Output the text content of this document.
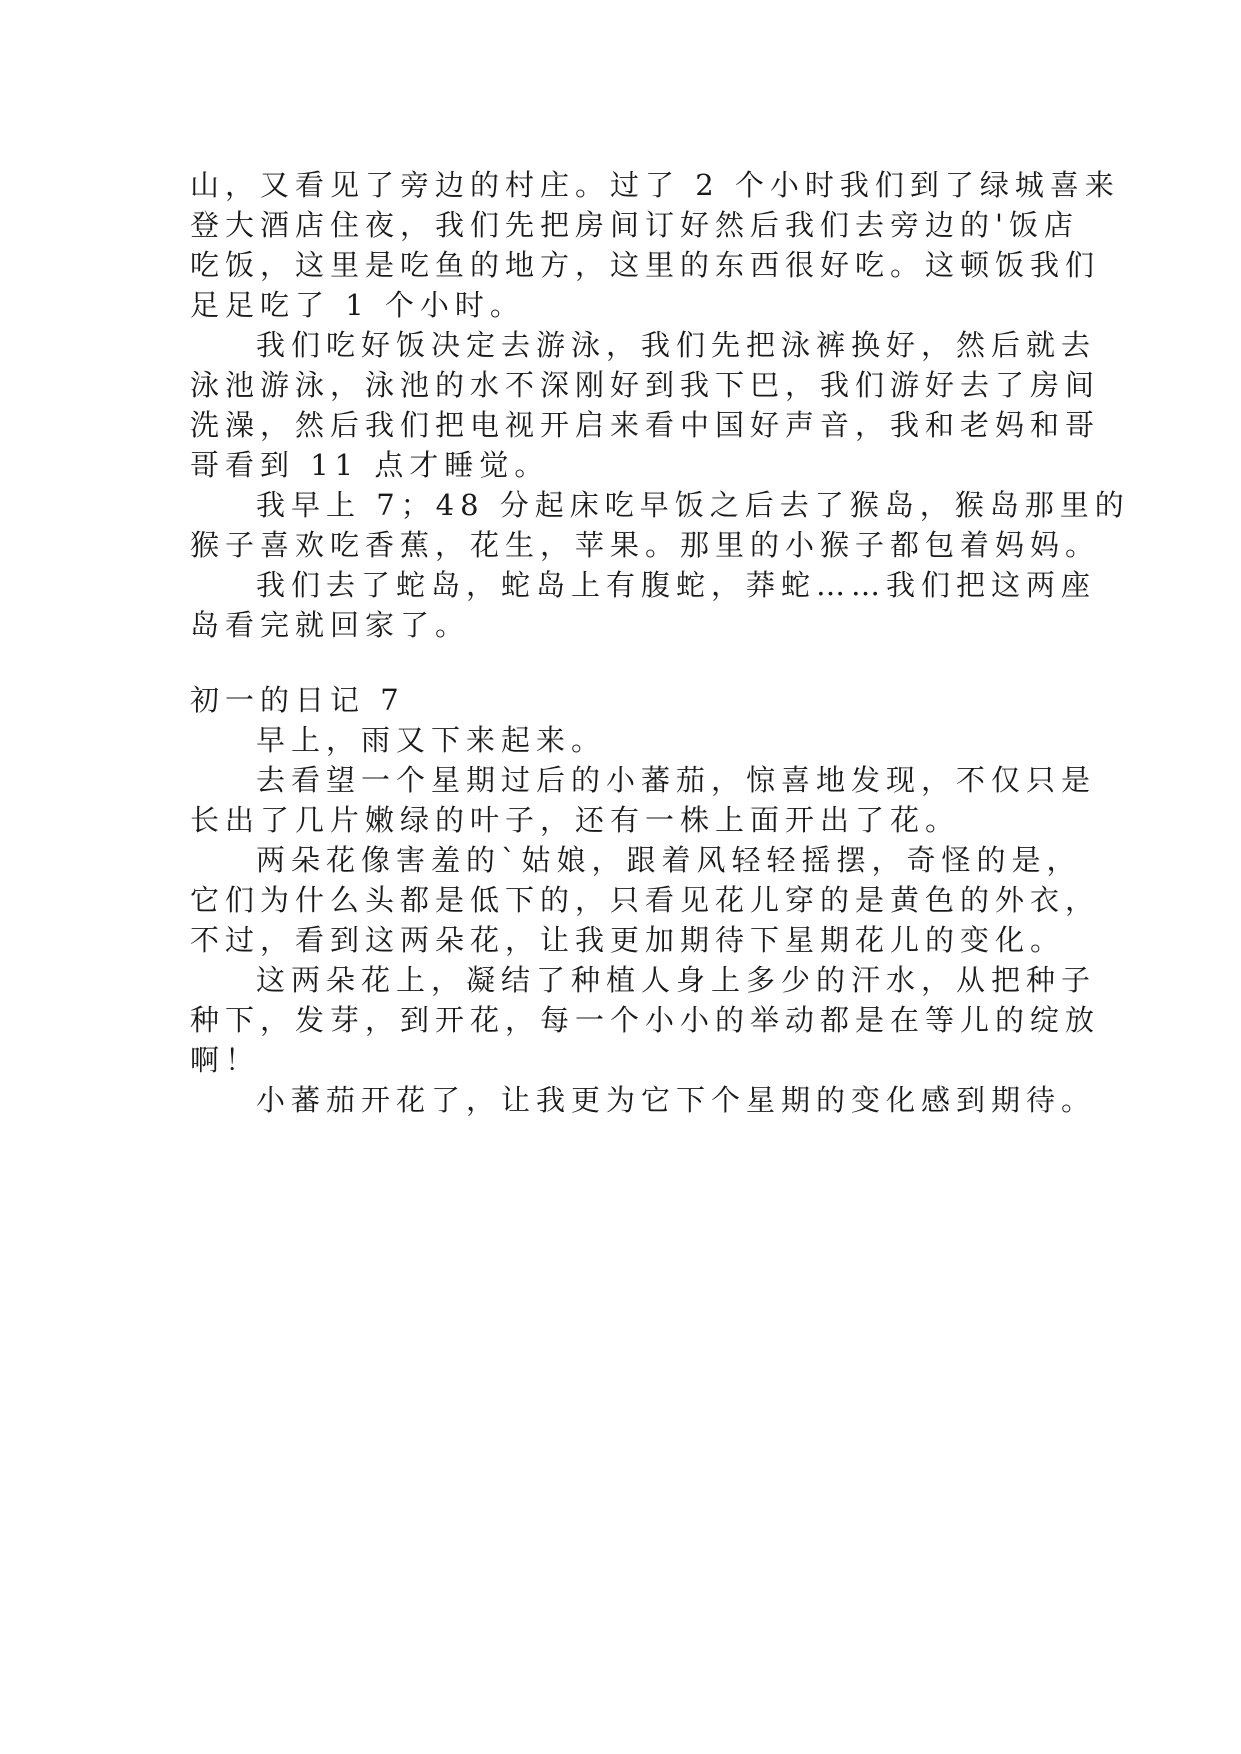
山，又看见了旁边的村庄。过了 2 个小时我们到了绿城喜来
登大酒店住夜，我们先把房间订好然后我们去旁边的'饭店
吃饭，这里是吃鱼的地方，这里的东西很好吃。这顿饭我们
足足吃了 1 个小时。
我们吃好饭决定去游泳，我们先把泳裤换好，然后就去
泳池游泳，泳池的水不深刚好到我下巴，我们游好去了房间
洗澡，然后我们把电视开启来看中国好声音，我和老妈和哥
哥看到 11 点才睡觉。
我早上 7；48 分起床吃早饭之后去了猴岛，猴岛那里的
猴子喜欢吃香蕉，花生，苹果。那里的小猴子都包着妈妈。
我们去了蛇岛，蛇岛上有腹蛇，莽蛇……我们把这两座
岛看完就回家了。
初一的日记 7
早上，雨又下来起来。
去看望一个星期过后的小蕃茄，惊喜地发现，不仅只是
长出了几片嫩绿的叶子，还有一株上面开出了花。
两朵花像害羞的`姑娘，跟着风轻轻摇摆，奇怪的是，
它们为什么头都是低下的，只看见花儿穿的是黄色的外衣，
不过，看到这两朵花，让我更加期待下星期花儿的变化。
这两朵花上，凝结了种植人身上多少的汗水，从把种子
种下，发芽，到开花，每一个小小的举动都是在等儿的绽放
啊！
小蕃茄开花了，让我更为它下个星期的变化感到期待。
